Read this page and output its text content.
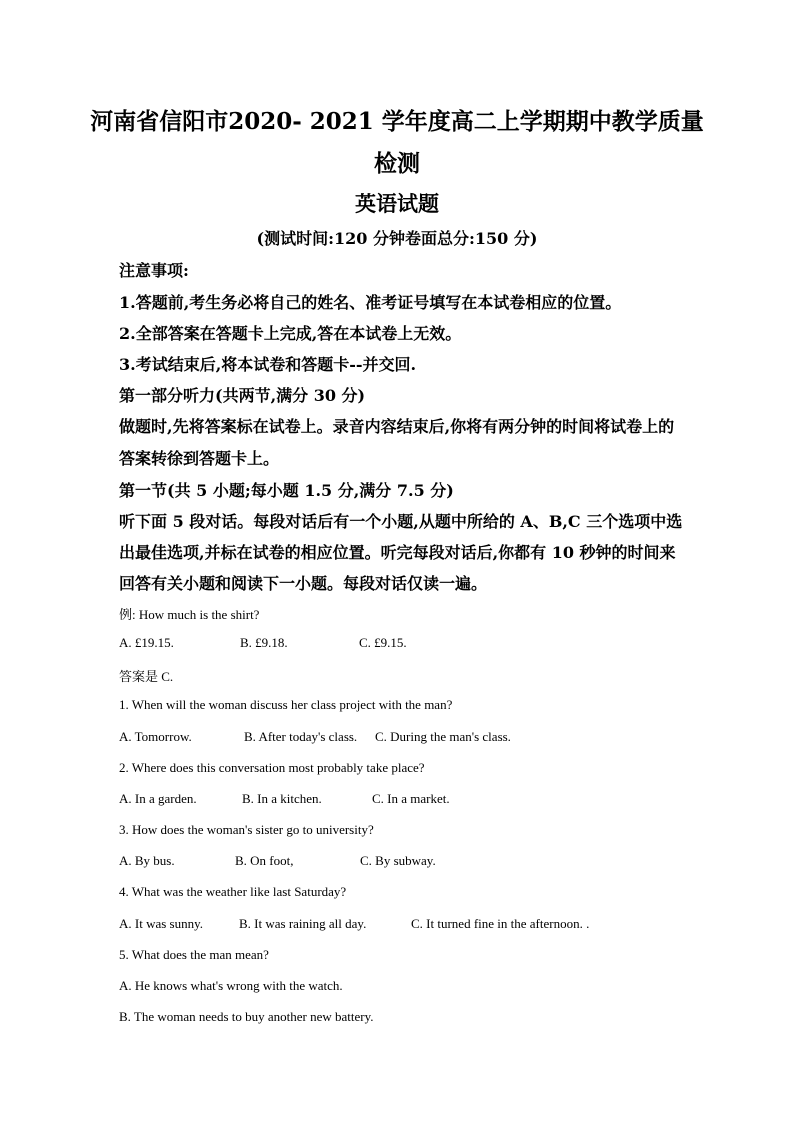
河南省信阳市2020- 2021 学年度高二上学期期中教学质量
检测
英语试题
(测试时间:120 分钟卷面总分:150 分)
注意事项:
1.答题前,考生务必将自己的姓名、准考证号填写在本试卷相应的位置。
2.全部答案在答题卡上完成,答在本试卷上无效。
3.考试结束后,将本试卷和答题卡--并交回.
第一部分听力(共两节,满分 30 分)
做题时,先将答案标在试卷上。录音内容结束后,你将有两分钟的时间将试卷上的
答案转徐到答题卡上。
第一节(共 5 小题;每小题 1.5 分,满分 7.5 分)
听下面 5 段对话。每段对话后有一个小题,从题中所给的 A、B,C 三个选项中选
出最佳选项,并标在试卷的相应位置。听完每段对话后,你都有 10 秒钟的时间来
回答有关小题和阅读下一小题。每段对话仅读一遍。
例: How much is the shirt?
A. £19.15.	B. £9.18.	C. £9.15.
答案是 C.
1. When will the woman discuss her class project with the man?
A. Tomorrow.	B. After today's class. C. During the man's class.
2. Where does this conversation most probably take place?
A. In a garden.	B. In a kitchen.	C. In a market.
3. How does the woman's sister go to university?
A. By bus.	B. On foot,	C. By subway.
4. What was the weather like last Saturday?
A. It was sunny.	B. It was raining all day.	C. It turned fine in the afternoon. .
5. What does the man mean?
A. He knows what's wrong with the watch.
B. The woman needs to buy another new battery.
